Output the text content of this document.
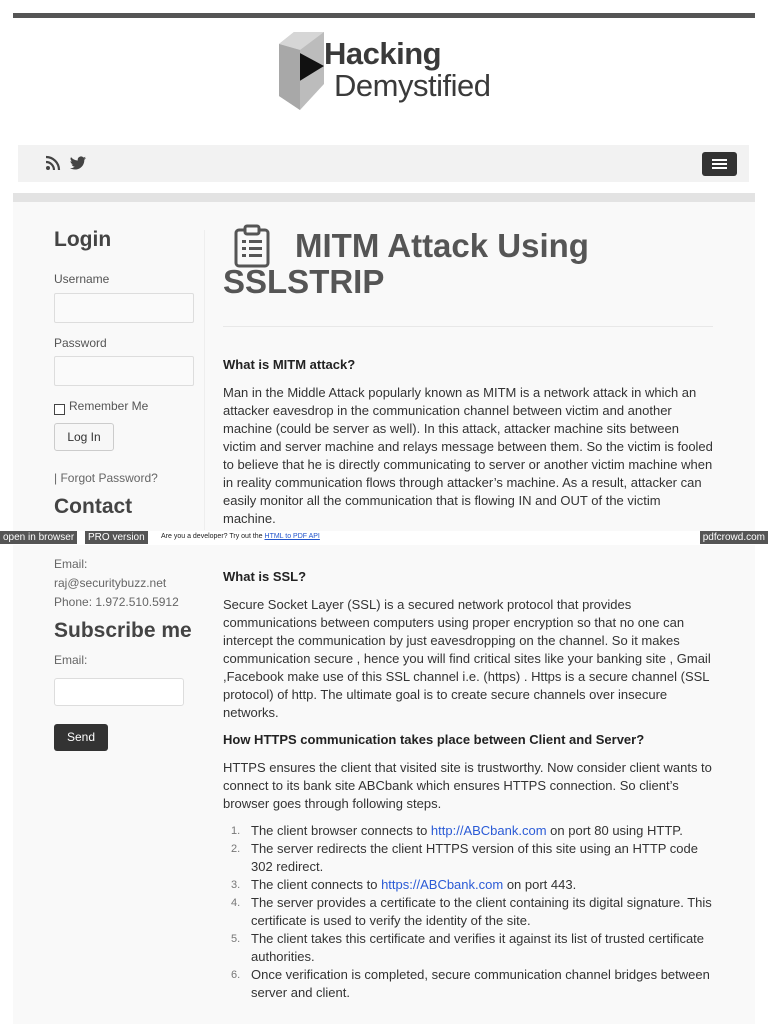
Hacking
Demystified
Login
Username
Password
Remember Me
Log In
| Forgot Password?
Contact
Email:
raj@securitybuzz.net
Phone: 1.972.510.5912
Subscribe me
Email:
Send
MITM Attack Using SSLSTRIP
What is MITM attack?

Man in the Middle Attack popularly known as MITM is a network attack in which an attacker eavesdrop in the communication channel between victim and another machine (could be server as well). In this attack, attacker machine sits between victim and server machine and relays message between them. So the victim is fooled to believe that he is directly communicating to server or another victim machine when in reality communication flows through attacker’s machine. As a result, attacker can easily monitor all the communication that is flowing IN and OUT of the victim machine.

What is SSL?

Secure Socket Layer (SSL) is a secured network protocol that provides communications between computers using proper encryption so that no one can intercept the communication by just eavesdropping on the channel. So it makes communication secure , hence you will find critical sites like your banking site , Gmail ,Facebook make use of this SSL channel i.e. (https) . Https is a secure channel (SSL protocol) of http. The ultimate goal is to create secure channels over insecure networks.

How HTTPS communication takes place between Client and Server?

HTTPS ensures the client that visited site is trustworthy. Now consider client wants to connect to its bank site ABCbank which ensures HTTPS connection. So client’s browser goes through following steps.

1. The client browser connects to http://ABCbank.com on port 80 using HTTP.
2. The server redirects the client HTTPS version of this site using an HTTP code 302 redirect.
3. The client connects to https://ABCbank.com on port 443.
4. The server provides a certificate to the client containing its digital signature. This certificate is used to verify the identity of the site.
5. The client takes this certificate and verifies it against its list of trusted certificate authorities.
6. Once verification is completed, secure communication channel bridges between server and client.
open in browser	PRO version	Are you a developer? Try out the HTML to PDF API	pdfcrowd.com
